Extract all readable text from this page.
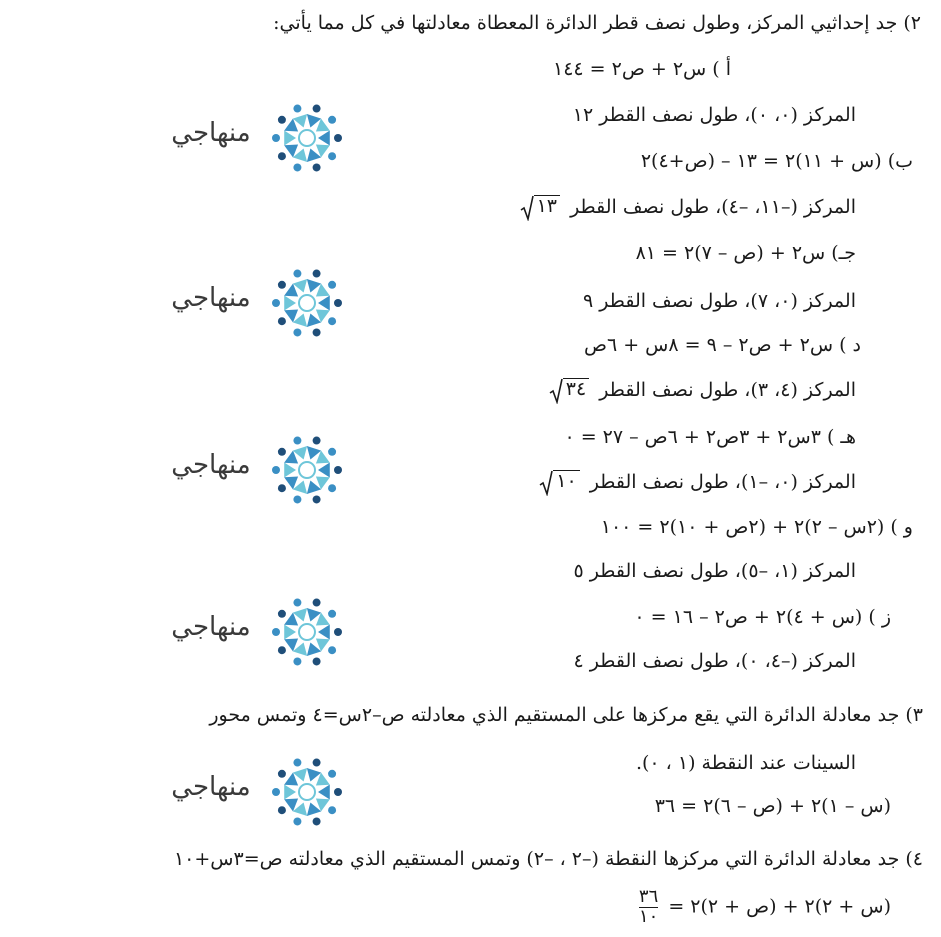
٢) جد إحداثيي المركز، وطول نصف قطر الدائرة المعطاة معادلتها في كل مما يأتي:
أ ) س٢ + ص٢ = ١٤٤
المركز (٠، ٠)، طول نصف القطر ١٢
ب) (س + ١١)٢ = ١٣ – (ص+٤)٢
المركز (–١١، –٤)، طول نصف القطر
١٣
جـ) س٢ + (ص – ٧)٢ = ٨١
المركز (٠، ٧)، طول نصف القطر ٩
د ) س٢ + ص٢ – ٩ = ٨س + ٦ص
المركز (٤، ٣)، طول نصف القطر
٣٤
هـ ) ٣س٢ + ٣ص٢ + ٦ص – ٢٧ = ٠
المركز (٠، –١)، طول نصف القطر
١٠
و ) (٢س – ٢)٢ + (٢ص + ١٠)٢ = ١٠٠
المركز (١، –٥)، طول نصف القطر ٥
ز ) (س + ٤)٢ + ص٢ – ١٦ = ٠
المركز (–٤، ٠)، طول نصف القطر ٤
٣) جد معادلة الدائرة التي يقع مركزها على المستقيم الذي معادلته ص–٢س=٤ وتمس محور
السينات عند النقطة (١ ، ٠).
(س – ١)٢ + (ص – ٦)٢ = ٣٦
٤) جد معادلة الدائرة التي مركزها النقطة (–٢ ، –٢) وتمس المستقيم الذي معادلته ص=٣س+١٠
(س + ٢)٢ + (ص + ٢)٢ =
$\frac{٣٦}{١٠}$
منهاجي
منهاجي
منهاجي
منهاجي
منهاجي
